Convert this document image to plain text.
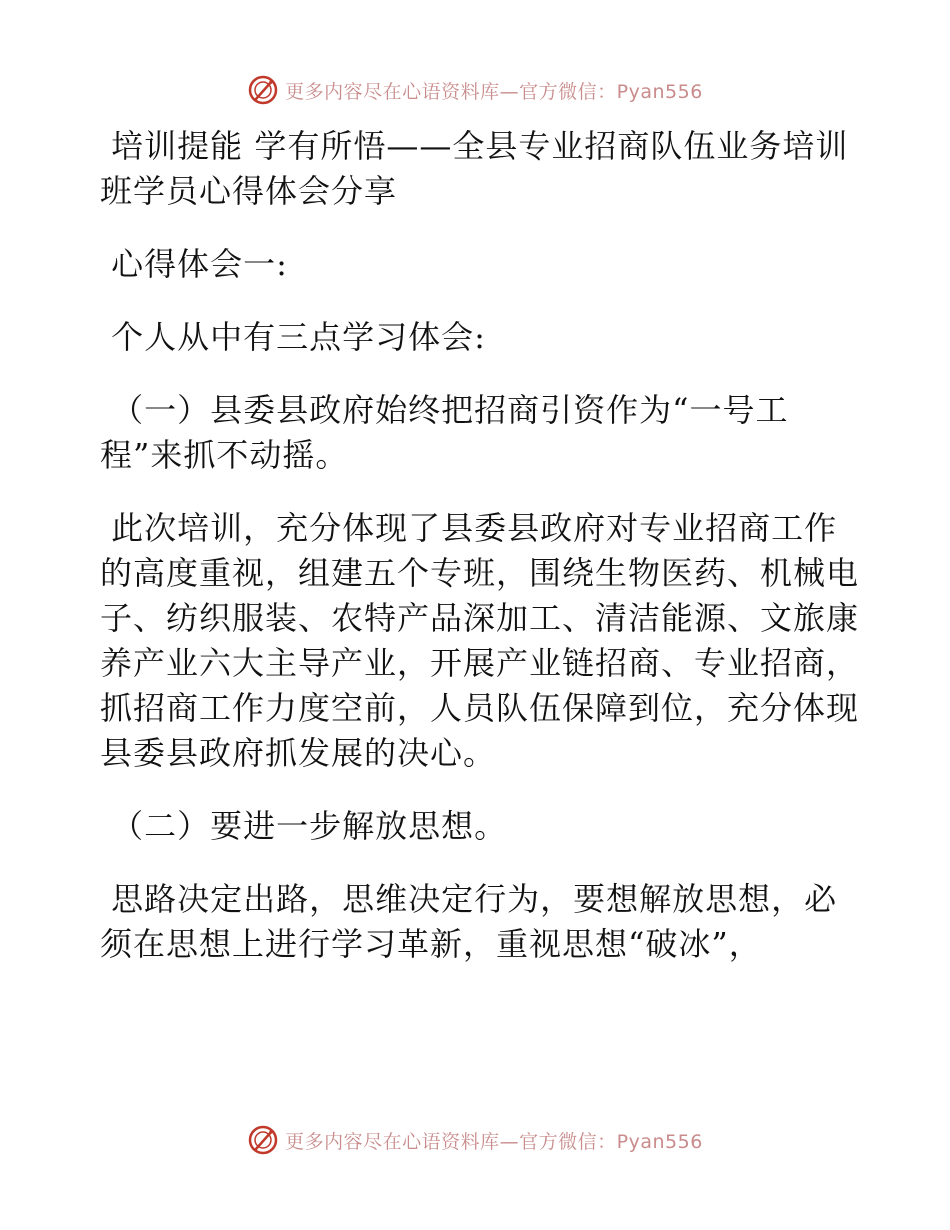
更多内容尽在心语资料库—官方微信：Pyan556

培训提能 学有所悟——全县专业招商队伍业务培训班学员心得体会分享

心得体会一:

个人从中有三点学习体会:

（一）县委县政府始终把招商引资作为“一号工程”来抓不动摇。

此次培训，充分体现了县委县政府对专业招商工作的高度重视，组建五个专班，围绕生物医药、机械电子、纺织服装、农特产品深加工、清洁能源、文旅康养产业六大主导产业，开展产业链招商、专业招商，抓招商工作力度空前，人员队伍保障到位，充分体现县委县政府抓发展的决心。

（二）要进一步解放思想。

思路决定出路，思维决定行为，要想解放思想，必须在思想上进行学习革新，重视思想“破冰”，

更多内容尽在心语资料库—官方微信：Pyan556
